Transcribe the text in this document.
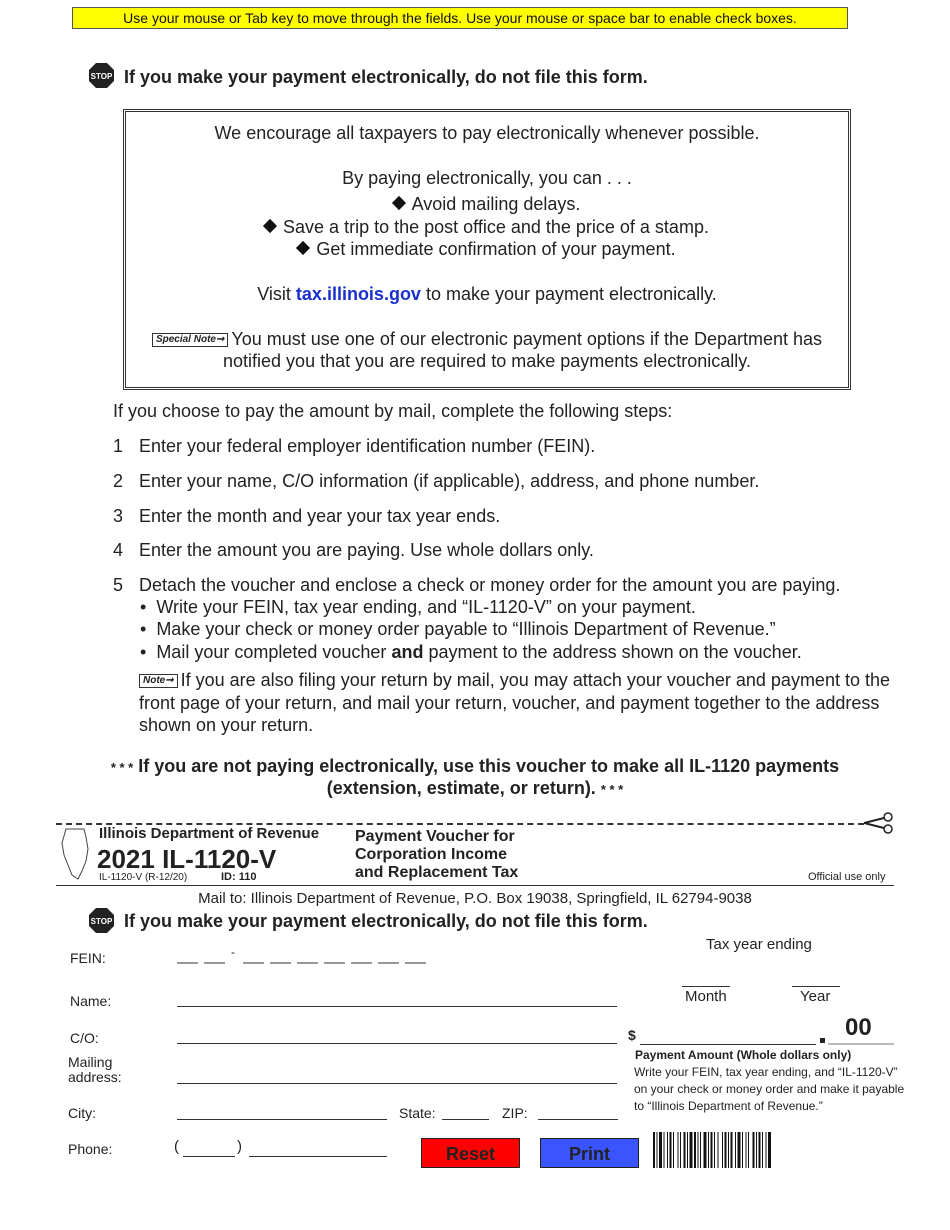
Use your mouse or Tab key to move through the fields. Use your mouse or space bar to enable check boxes.
STOP If you make your payment electronically, do not file this form.
We encourage all taxpayers to pay electronically whenever possible.
By paying electronically, you can . . .
Avoid mailing delays.
Save a trip to the post office and the price of a stamp.
Get immediate confirmation of your payment.
Visit tax.illinois.gov to make your payment electronically.
Special Note➞ You must use one of our electronic payment options if the Department has
notified you that you are required to make payments electronically.
If you choose to pay the amount by mail, complete the following steps:
1 Enter your federal employer identification number (FEIN).
2 Enter your name, C/O information (if applicable), address, and phone number.
3 Enter the month and year your tax year ends.
4 Enter the amount you are paying. Use whole dollars only.
5 Detach the voucher and enclose a check or money order for the amount you are paying.
•  Write your FEIN, tax year ending, and “IL-1120-V” on your payment.
•  Make your check or money order payable to “Illinois Department of Revenue.”
•  Mail your completed voucher and payment to the address shown on the voucher.
Note➞ If you are also filing your return by mail, you may attach your voucher and payment to the
front page of your return, and mail your return, voucher, and payment together to the address
shown on your return.
* * * If you are not paying electronically, use this voucher to make all IL-1120 payments
(extension, estimate, or return). * * *
Illinois Department of Revenue
2021 IL-1120-V
IL-1120-V (R-12/20)	ID: 110
Payment Voucher for
Corporation Income
and Replacement Tax	Official use only
Mail to: Illinois Department of Revenue, P.O. Box 19038, Springfield, IL 62794-9038
STOP If you make your payment electronically, do not file this form.
FEIN:	-
Name:
C/O:
Mailing
address:
City:	State:	ZIP:
Phone:	(	)
Tax year ending
Month	Year
$	00
Payment Amount (Whole dollars only)
Write your FEIN, tax year ending, and “IL-1120-V”
on your check or money order and make it payable
to “Illinois Department of Revenue.”
Reset	Print
